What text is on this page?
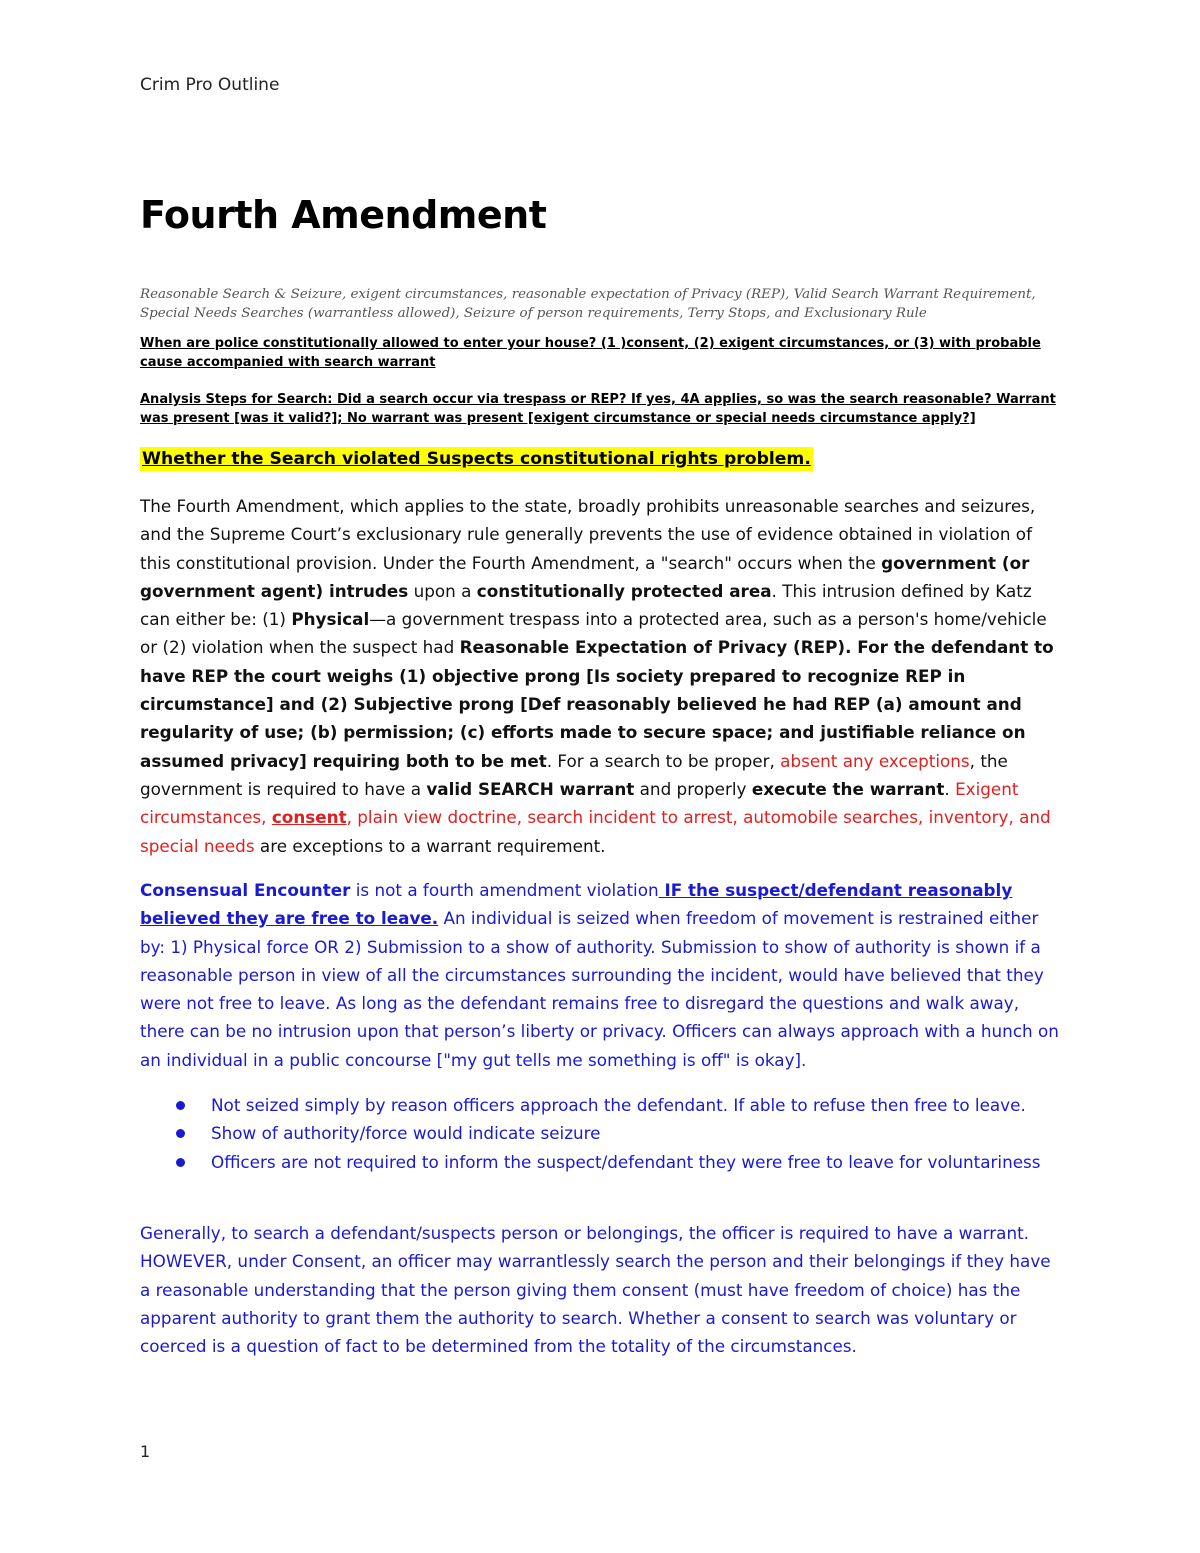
Crim Pro Outline
Fourth Amendment
Reasonable Search & Seizure, exigent circumstances, reasonable expectation of Privacy (REP), Valid Search Warrant Requirement, Special Needs Searches (warrantless allowed), Seizure of person requirements, Terry Stops, and Exclusionary Rule
When are police constitutionally allowed to enter your house? (1 )consent, (2) exigent circumstances, or (3) with probable cause accompanied with search warrant
Analysis Steps for Search: Did a search occur via trespass or REP? If yes, 4A applies, so was the search reasonable? Warrant was present [was it valid?]; No warrant was present [exigent circumstance or special needs circumstance apply?]
Whether the Search violated Suspects constitutional rights problem.
The Fourth Amendment, which applies to the state, broadly prohibits unreasonable searches and seizures, and the Supreme Court’s exclusionary rule generally prevents the use of evidence obtained in violation of this constitutional provision. Under the Fourth Amendment, a "search" occurs when the government (or government agent) intrudes upon a constitutionally protected area. This intrusion defined by Katz can either be: (1) Physical—a government trespass into a protected area, such as a person's home/vehicle or (2) violation when the suspect had Reasonable Expectation of Privacy (REP). For the defendant to have REP the court weighs (1) objective prong [Is society prepared to recognize REP in circumstance] and (2) Subjective prong [Def reasonably believed he had REP (a) amount and regularity of use; (b) permission; (c) efforts made to secure space; and justifiable reliance on assumed privacy] requiring both to be met. For a search to be proper, absent any exceptions, the government is required to have a valid SEARCH warrant and properly execute the warrant. Exigent circumstances, consent, plain view doctrine, search incident to arrest, automobile searches, inventory, and special needs are exceptions to a warrant requirement.
Consensual Encounter is not a fourth amendment violation IF the suspect/defendant reasonably believed they are free to leave. An individual is seized when freedom of movement is restrained either by: 1) Physical force OR 2) Submission to a show of authority. Submission to show of authority is shown if a reasonable person in view of all the circumstances surrounding the incident, would have believed that they were not free to leave. As long as the defendant remains free to disregard the questions and walk away, there can be no intrusion upon that person’s liberty or privacy. Officers can always approach with a hunch on an individual in a public concourse ["my gut tells me something is off" is okay].
Not seized simply by reason officers approach the defendant. If able to refuse then free to leave.
Show of authority/force would indicate seizure
Officers are not required to inform the suspect/defendant they were free to leave for voluntariness
Generally, to search a defendant/suspects person or belongings, the officer is required to have a warrant. HOWEVER, under Consent, an officer may warrantlessly search the person and their belongings if they have a reasonable understanding that the person giving them consent (must have freedom of choice) has the apparent authority to grant them the authority to search. Whether a consent to search was voluntary or coerced is a question of fact to be determined from the totality of the circumstances.
1
